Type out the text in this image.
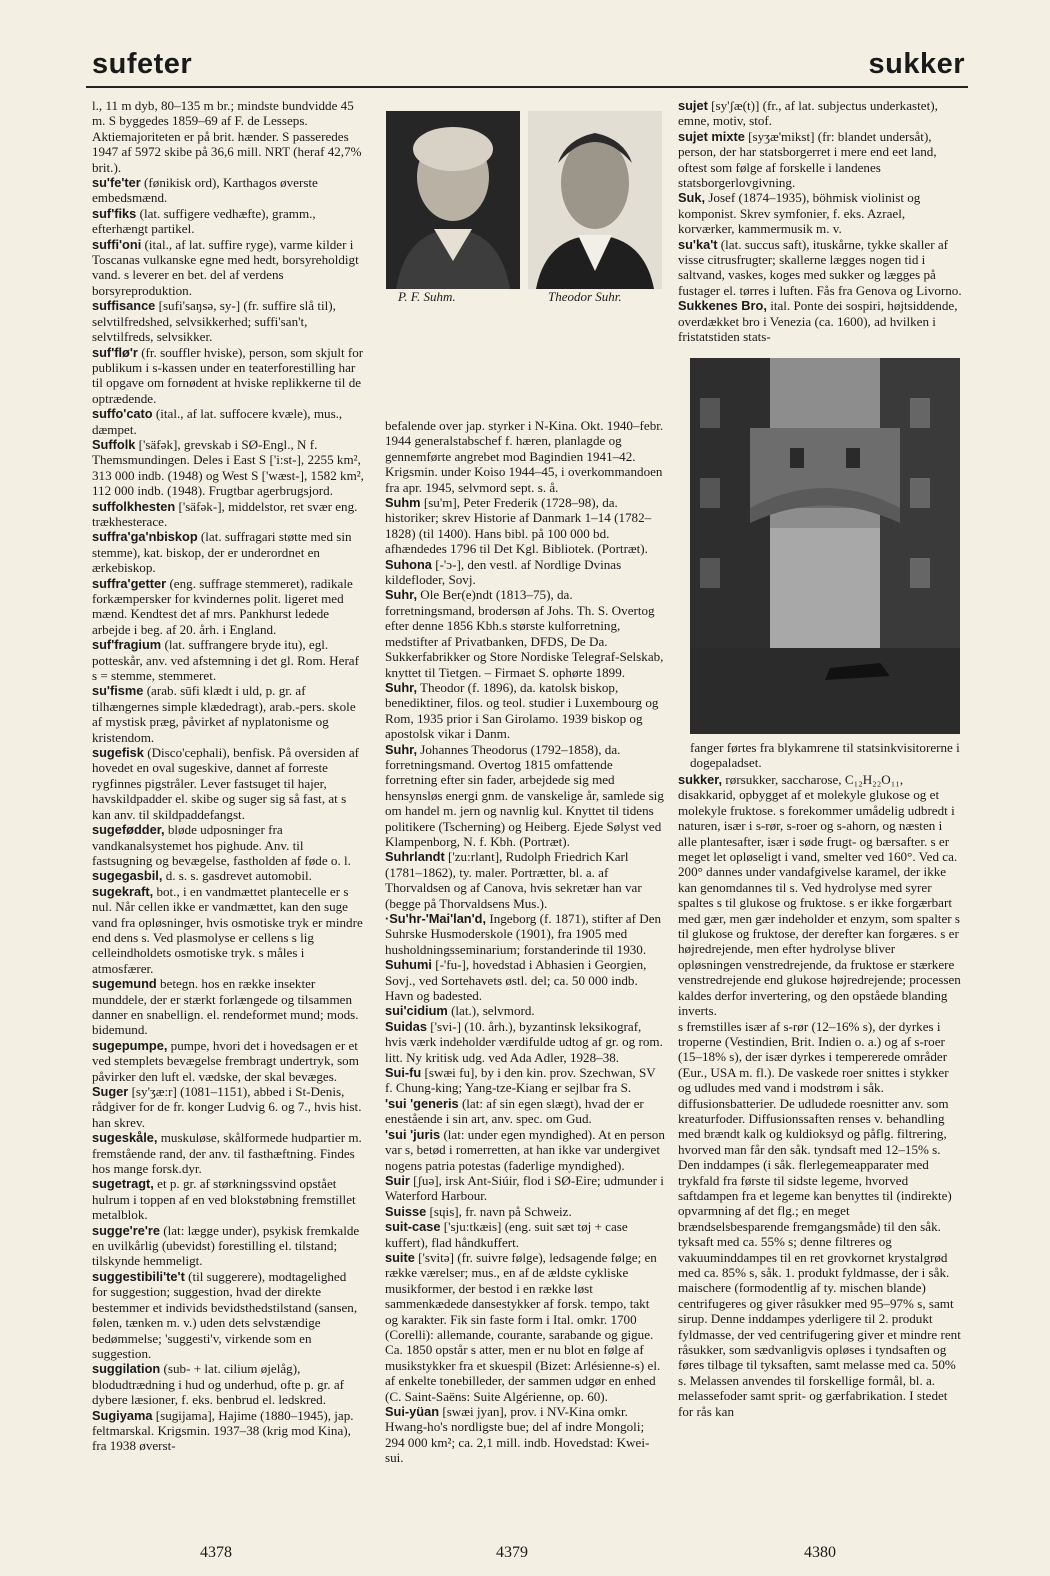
sufeter	sukker

l., 11 m dyb, 80–135 m br.; mindste bundvidde 45 m. S byggedes 1859–69 af F. de Lesseps. Aktiemajoriteten er på brit. hænder. S passeredes 1947 af 5972 skibe på 36,6 mill. NRT (heraf 42,7% brit.).

su'fe'ter (fønikisk ord), Karthagos øverste embedsmænd.

suf'fiks (lat. suffigere vedhæfte), gramm., efterhængt partikel.

suffi'oni (ital., af lat. suffire ryge), varme kilder i Toscanas vulkanske egne med hedt, borsyreholdigt vand. s leverer en bet. del af verdens borsyreproduktion.

suffisance [sufi'saŋsə, sy-] (fr. suffire slå til), selvtilfredshed, selvsikkerhed; suffi'san't, selvtilfreds, selvsikker.

suf'flø'r (fr. souffler hviske), person, som skjult for publikum i s-kassen under en teaterforestilling har til opgave om fornødent at hviske replikkerne til de optrædende.

suffo'cato (ital., af lat. suffocere kvæle), mus., dæmpet.

Suffolk ['säfək], grevskab i SØ-Engl., N f. Themsmundingen. Deles i East S ['i:st-], 2255 km², 313 000 indb. (1948) og West S ['wæst-], 1582 km², 112 000 indb. (1948). Frugtbar agerbrugsjord.

suffolkhesten ['säfək-], middelstor, ret svær eng. trækhesterace.

suffra'ga'nbiskop (lat. suffragari støtte med sin stemme), kat. biskop, der er underordnet en ærkebiskop.

suffra'getter (eng. suffrage stemmeret), radikale forkæmpersker for kvindernes polit. ligeret med mænd. Kendtest det af mrs. Pankhurst ledede arbejde i beg. af 20. årh. i England.

suf'fragium (lat. suffrangere bryde itu), egl. potteskår, anv. ved afstemning i det gl. Rom. Heraf s = stemme, stemmeret.

su'fisme (arab. sūfi klædt i uld, p. gr. af tilhængernes simple klædedragt), arab.-pers. skole af mystisk præg, påvirket af nyplatonisme og kristendom.

sugefisk (Disco'cephali), benfisk. På oversiden af hovedet en oval sugeskive, dannet af forreste rygfinnes pigstråler. Lever fastsuget til hajer, havskildpadder el. skibe og suger sig så fast, at s kan anv. til skildpaddefangst.

sugefødder, bløde udposninger fra vandkanalsystemet hos pighude. Anv. til fastsugning og bevægelse, fastholden af føde o. l.

sugegasbil, d. s. s. gasdrevet automobil.

sugekraft, bot., i en vandmættet plantecelle er s nul. Når cellen ikke er vandmættet, kan den suge vand fra opløsninger, hvis osmotiske tryk er mindre end dens s. Ved plasmolyse er cellens s lig celleindholdets osmotiske tryk. s måles i atmosfærer.

sugemund betegn. hos en række insekter munddele, der er stærkt forlængede og tilsammen danner en snabellign. el. rendeformet mund; mods. bidemund.

sugepumpe, pumpe, hvori det i hovedsagen er et ved stemplets bevægelse frembragt undertryk, som påvirker den luft el. vædske, der skal bevæges.

Suger [sy'ʒæ:r] (1081–1151), abbed i St-Denis, rådgiver for de fr. konger Ludvig 6. og 7., hvis hist. han skrev.

sugeskåle, muskuløse, skålformede hudpartier m. fremstående rand, der anv. til fasthæftning. Findes hos mange forsk.dyr.

sugetragt, et p. gr. af størkningssvind opstået hulrum i toppen af en ved blokstøbning fremstillet metalblok.

sugge're're (lat: lægge under), psykisk fremkalde en uvilkårlig (ubevidst) forestilling el. tilstand; tilskynde hemmeligt.

suggestibili'te't (til suggerere), modtagelighed for suggestion; suggestion, hvad der direkte bestemmer et individs bevidsthedstilstand (sansen, følen, tænken m. v.) uden dets selvstændige bedømmelse; 'suggesti'v, virkende som en suggestion.

suggilation (sub- + lat. cilium øjelåg), blodudtrædning i hud og underhud, ofte p. gr. af dybere læsioner, f. eks. benbrud el. ledskred.

Sugiyama [sugijama], Hajime (1880–1945), jap. feltmarskal. Krigsmin. 1937–38 (krig mod Kina), fra 1938 øverst-

P. F. Suhm.	Theodor Suhr.

befalende over jap. styrker i N-Kina. Okt. 1940–febr. 1944 generalstabschef f. hæren, planlagde og gennemførte angrebet mod Bagindien 1941–42. Krigsmin. under Koiso 1944–45, i overkommandoen fra apr. 1945, selvmord sept. s. å.

Suhm [su'm], Peter Frederik (1728–98), da. historiker; skrev Historie af Danmark 1–14 (1782–1828) (til 1400). Hans bibl. på 100 000 bd. afhændedes 1796 til Det Kgl. Bibliotek. (Portræt).

Suhona [-'ɔ-], den vestl. af Nordlige Dvinas kildefloder, Sovj.

Suhr, Ole Ber(e)ndt (1813–75), da. forretningsmand, brodersøn af Johs. Th. S. Overtog efter denne 1856 Kbh.s største kulforretning, medstifter af Privatbanken, DFDS, De Da. Sukkerfabrikker og Store Nordiske Telegraf-Selskab, knyttet til Tietgen. – Firmaet S. ophørte 1899.

Suhr, Theodor (f. 1896), da. katolsk biskop, benediktiner, filos. og teol. studier i Luxembourg og Rom, 1935 prior i San Girolamo. 1939 biskop og apostolsk vikar i Danm.

Suhr, Johannes Theodorus (1792–1858), da. forretningsmand. Overtog 1815 omfattende forretning efter sin fader, arbejdede sig med hensynsløs energi gnm. de vanskelige år, samlede sig om handel m. jern og navnlig kul. Knyttet til tidens politikere (Tscherning) og Heiberg. Ejede Sølyst ved Klampenborg, N. f. Kbh. (Portræt).

Suhrlandt ['zu:rlant], Rudolph Friedrich Karl (1781–1862), ty. maler. Portrætter, bl. a. af Thorvaldsen og af Canova, hvis sekretær han var (begge på Thorvaldsens Mus.).

·Su'hr-'Mai'lan'd, Ingeborg (f. 1871), stifter af Den Suhrske Husmoderskole (1901), fra 1905 med husholdningsseminarium; forstanderinde til 1930.

Suhumi [-'fu-], hovedstad i Abhasien i Georgien, Sovj., ved Sortehavets østl. del; ca. 50 000 indb. Havn og badested.

sui'cidium (lat.), selvmord.

Suidas ['svi-] (10. årh.), byzantinsk leksikograf, hvis værk indeholder værdifulde udtog af gr. og rom. litt. Ny kritisk udg. ved Ada Adler, 1928–38.

Sui-fu [swæi fu], by i den kin. prov. Szechwan, SV f. Chung-king; Yang-tze-Kiang er sejlbar fra S.

'sui 'generis (lat: af sin egen slægt), hvad der er enestående i sin art, anv. spec. om Gud.

'sui 'juris (lat: under egen myndighed). At en person var s, betød i romerretten, at han ikke var undergivet nogens patria potestas (faderlige myndighed).

Suir [ʃuə], irsk Ant-Siúir, flod i SØ-Eire; udmunder i Waterford Harbour.

Suisse [sɥis], fr. navn på Schweiz.

suit-case ['sju:tkæis] (eng. suit sæt tøj + case kuffert), flad håndkuffert.

suite ['svitə] (fr. suivre følge), ledsagende følge; en række værelser; mus., en af de ældste cykliske musikformer, der bestod i en række løst sammenkædede dansestykker af forsk. tempo, takt og karakter. Fik sin faste form i Ital. omkr. 1700 (Corelli): allemande, courante, sarabande og gigue. Ca. 1850 opstår s atter, men er nu blot en følge af musikstykker fra et skuespil (Bizet: Arlésienne-s) el. af enkelte tonebilleder, der sammen udgør en enhed (C. Saint-Saëns: Suite Algérienne, op. 60).

Sui-yüan [swæi jyan], prov. i NV-Kina omkr. Hwang-ho's nordligste bue; del af indre Mongoli; 294 000 km²; ca. 2,1 mill. indb. Hovedstad: Kwei-sui.

sujet [sy'ʃæ(t)] (fr., af lat. subjectus underkastet), emne, motiv, stof.

sujet mixte [syʒæ'mikst] (fr: blandet undersåt), person, der har statsborgerret i mere end eet land, oftest som følge af forskelle i landenes statsborgerlovgivning.

Suk, Josef (1874–1935), böhmisk violinist og komponist. Skrev symfonier, f. eks. Azrael, korværker, kammermusik m. v.

su'ka't (lat. succus saft), ituskårne, tykke skaller af visse citrusfrugter; skallerne lægges nogen tid i saltvand, vaskes, koges med sukker og lægges på fustager el. tørres i luften. Fås fra Genova og Livorno.

Sukkenes Bro, ital. Ponte dei sospiri, højtsiddende, overdækket bro i Venezia (ca. 1600), ad hvilken i fristatstiden stats-

fanger førtes fra blykamrene til statsinkvisitorerne i dogepaladset.

sukker, rørsukker, saccharose, C₁₂H₂₂O₁₁, disakkarid, opbygget af et molekyle glukose og et molekyle fruktose. s forekommer umådelig udbredt i naturen, især i s-rør, s-roer og s-ahorn, og næsten i alle plantesafter, især i søde frugt- og bærsafter. s er meget let opløseligt i vand, smelter ved 160°. Ved ca. 200° dannes under vandafgivelse karamel, der ikke kan genomdannes til s. Ved hydrolyse med syrer spaltes s til glukose og fruktose. s er ikke forgærbart med gær, men gær indeholder et enzym, som spalter s til glukose og fruktose, der derefter kan forgæres. s er højredrejende, men efter hydrolyse bliver opløsningen venstredrejende, da fruktose er stærkere venstredrejende end glukose højredrejende; processen kaldes derfor invertering, og den opståede blanding inverts.

s fremstilles især af s-rør (12–16% s), der dyrkes i troperne (Vestindien, Brit. Indien o. a.) og af s-roer (15–18% s), der især dyrkes i tempererede områder (Eur., USA m. fl.). De vaskede roer snittes i stykker og udludes med vand i modstrøm i såk. diffusionsbatterier. De udludede roesnitter anv. som kreaturfoder. Diffusionssaften renses v. behandling med brændt kalk og kuldioksyd og påflg. filtrering, hvorved man får den såk. tyndsaft med 12–15% s. Den inddampes (i såk. flerlegemeapparater med trykfald fra første til sidste legeme, hvorved saftdampen fra et legeme kan benyttes til (indirekte) opvarmning af det flg.; en meget brændselsbesparende fremgangsmåde) til den såk. tyksaft med ca. 55% s; denne filtreres og vakuuminddampes til en ret grovkornet krystalgrød med ca. 85% s, såk. 1. produkt fyldmasse, der i såk. maischere (formodentlig af ty. mischen blande) centrifugeres og giver råsukker med 95–97% s, samt sirup. Denne inddampes yderligere til 2. produkt fyldmasse, der ved centrifugering giver et mindre rent råsukker, som sædvanligvis opløses i tyndsaften og føres tilbage til tyksaften, samt melasse med ca. 50% s. Melassen anvendes til forskellige formål, bl. a. melassefoder samt sprit- og gærfabrikation. I stedet for rås kan

4378	4379	4380
